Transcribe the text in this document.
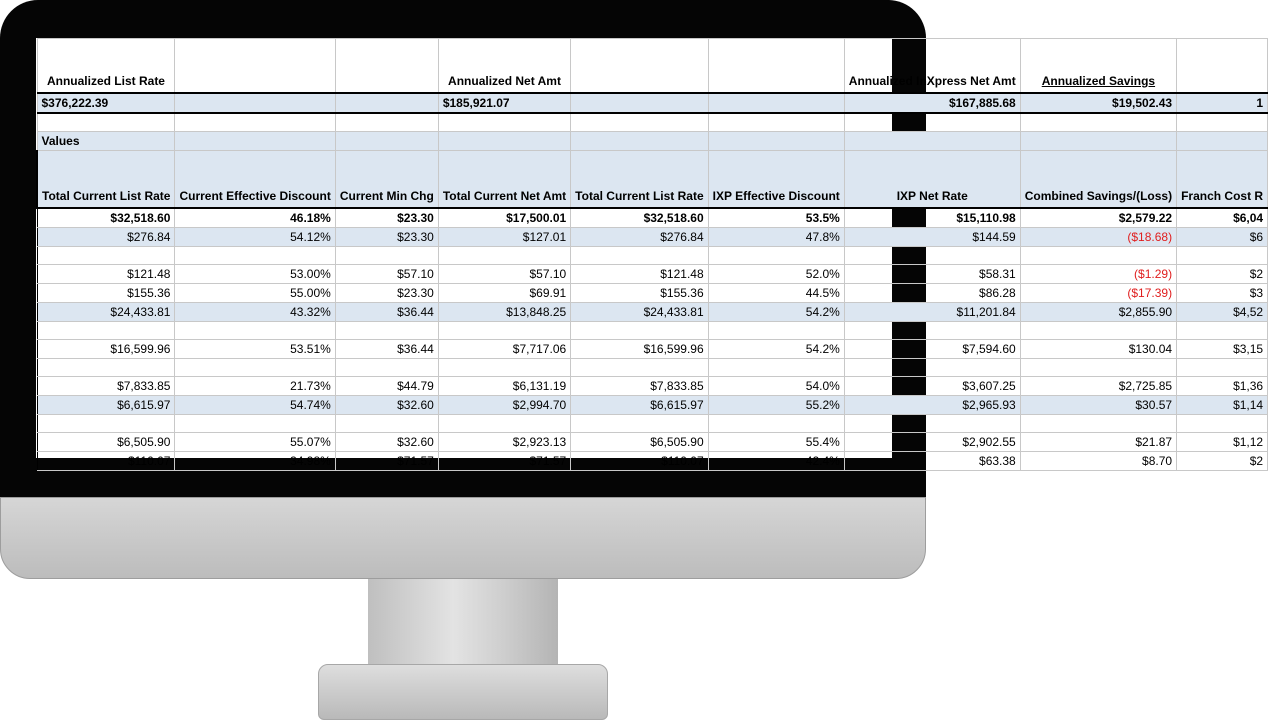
Annualized List Rate			Annualized Net Amt			Annualized InXpress Net Amt	Annualized Savings	
$376,222.39			$185,921.07			$167,885.68	$19,502.43	1

Values								
Total Current List Rate	Current Effective Discount	Current Min Chg	Total Current Net Amt	Total Current List Rate	IXP Effective Discount	IXP Net Rate	Combined Savings/(Loss)	Franch Cost R
$32,518.60	46.18%	$23.30	$17,500.01	$32,518.60	53.5%	$15,110.98	$2,579.22	$6,04
$276.84	54.12%	$23.30	$127.01	$276.84	47.8%	$144.59	($18.68)	$6

$121.48	53.00%	$57.10	$57.10	$121.48	52.0%	$58.31	($1.29)	$2
$155.36	55.00%	$23.30	$69.91	$155.36	44.5%	$86.28	($17.39)	$3
$24,433.81	43.32%	$36.44	$13,848.25	$24,433.81	54.2%	$11,201.84	$2,855.90	$4,52

$16,599.96	53.51%	$36.44	$7,717.06	$16,599.96	54.2%	$7,594.60	$130.04	$3,15

$7,833.85	21.73%	$44.79	$6,131.19	$7,833.85	54.0%	$3,607.25	$2,725.85	$1,36
$6,615.97	54.74%	$32.60	$2,994.70	$6,615.97	55.2%	$2,965.93	$30.57	$1,14

$6,505.90	55.07%	$32.60	$2,923.13	$6,505.90	55.4%	$2,902.55	$21.87	$1,12
$110.07	34.98%	$71.57	$71.57	$110.07	42.4%	$63.38	$8.70	$2
